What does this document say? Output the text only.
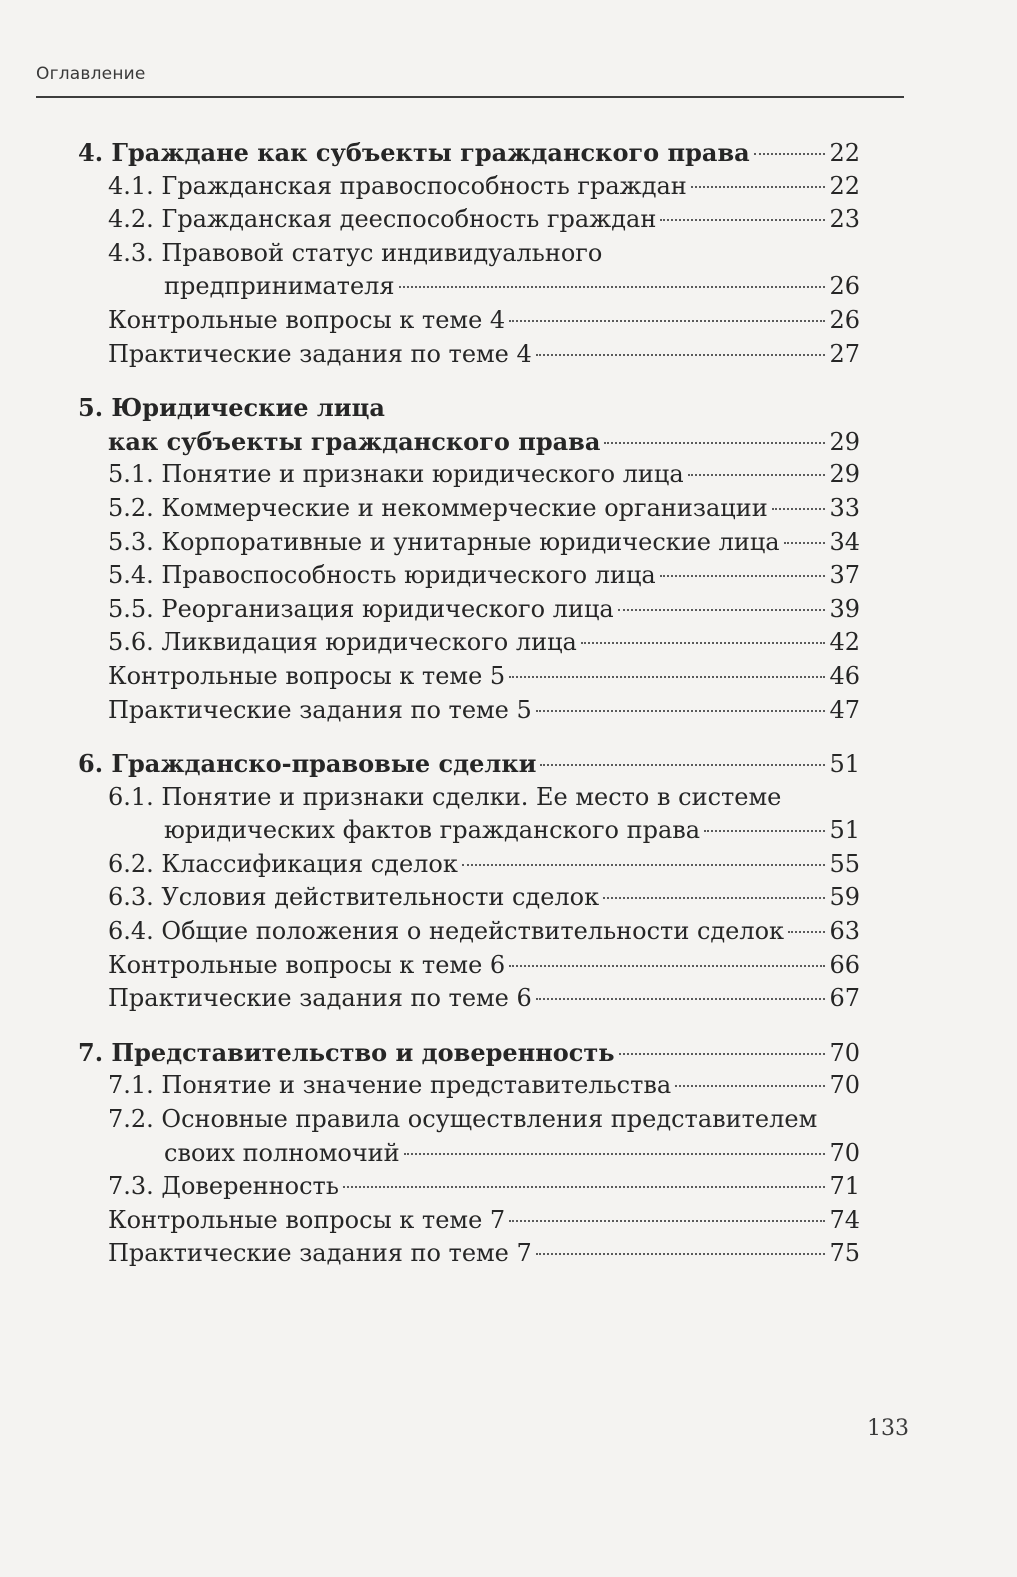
Оглавление
4. Граждане как субъекты гражданского права	22
4.1. Гражданская правоспособность граждан	22
4.2. Гражданская дееспособность граждан	23
4.3. Правовой статус индивидуального
предпринимателя	26
Контрольные вопросы к теме 4	26
Практические задания по теме 4	27
5. Юридические лица
как субъекты гражданского права	29
5.1. Понятие и признаки юридического лица	29
5.2. Коммерческие и некоммерческие организации	33
5.3. Корпоративные и унитарные юридические лица 34
5.4. Правоспособность юридического лица	37
5.5. Реорганизация юридического лица	39
5.6. Ликвидация юридического лица	42
Контрольные вопросы к теме 5	46
Практические задания по теме 5	47
6. Гражданско-правовые сделки	51
6.1. Понятие и признаки сделки. Ее место в системе
юридических фактов гражданского права	51
6.2. Классификация сделок	55
6.3. Условия действительности сделок	59
6.4. Общие положения о недействительности сделок 63
Контрольные вопросы к теме 6	66
Практические задания по теме 6	67
7. Представительство и доверенность	70
7.1. Понятие и значение представительства	70
7.2. Основные правила осуществления представителем
своих полномочий	70
7.3. Доверенность	71
Контрольные вопросы к теме 7	74
Практические задания по теме 7	75
133
